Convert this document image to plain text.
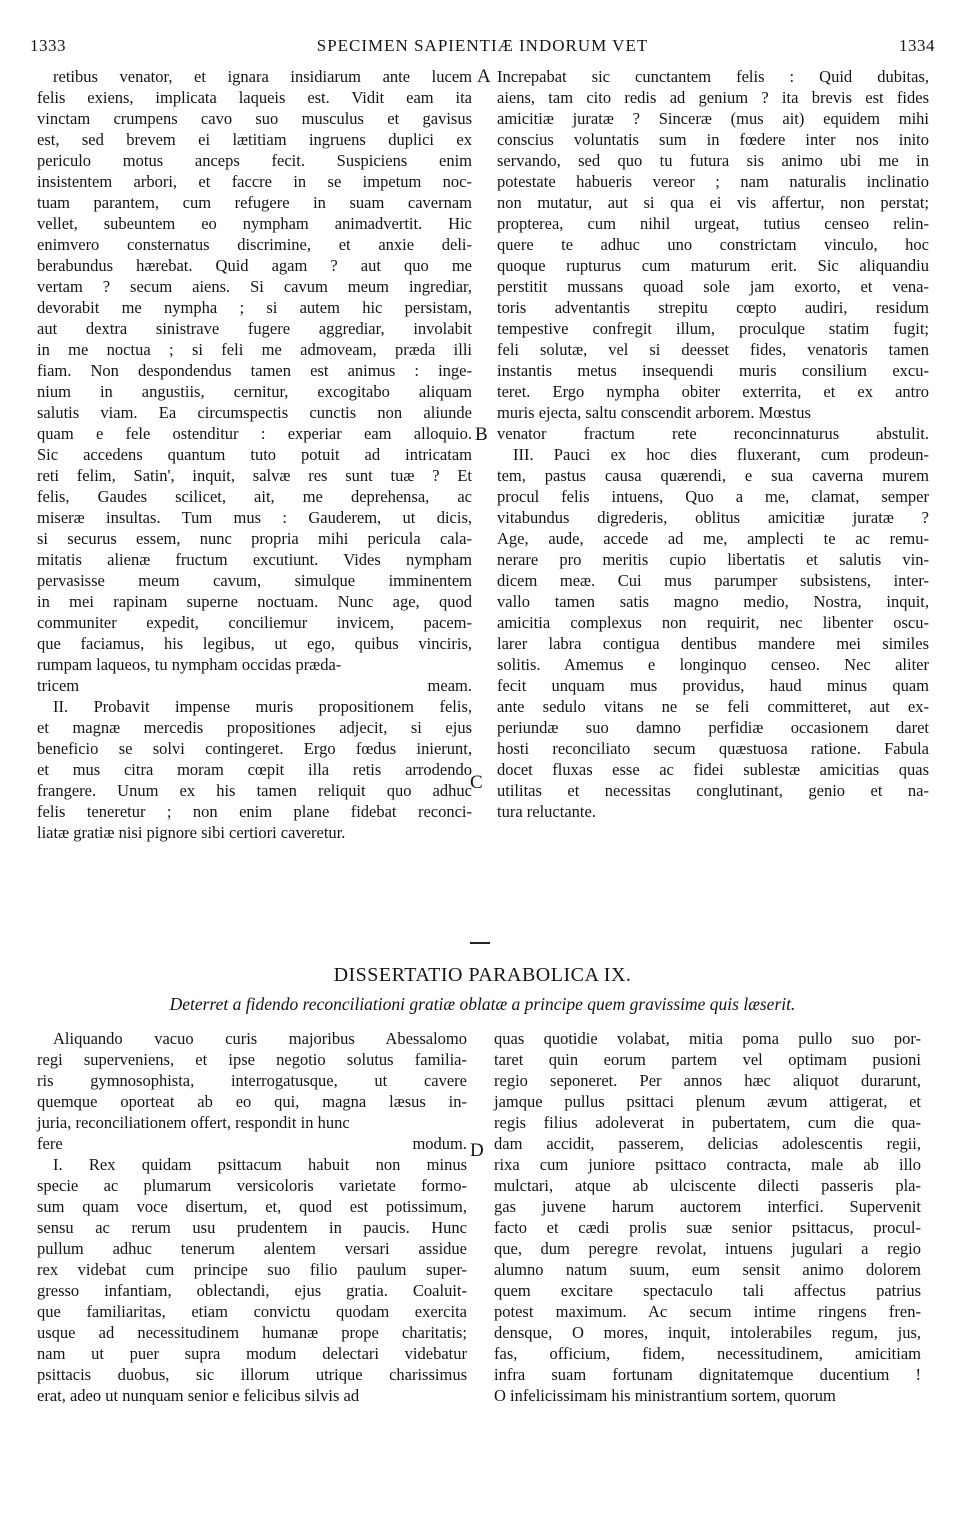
1333	SPECIMEN SAPIENTIÆ INDORUM VET	1334
retibus venator, et ignara insidiarum ante lucem
felis exiens, implicata laqueis est. Vidit eam ita
vinctam crumpens cavo suo musculus et gavisus
est, sed brevem ei lætitiam ingruens duplici ex
periculo motus anceps fecit. Suspiciens enim
insistentem arbori, et faccre in se impetum noc-
tuam parantem, cum refugere in suam cavernam
vellet, subeuntem eo nympham animadvertit. Hic
enimvero consternatus discrimine, et anxie deli-
berabundus hærebat. Quid agam ? aut quo me
vertam ? secum aiens. Si cavum meum ingrediar,
devorabit me nympha ; si autem hic persistam,
aut dextra sinistrave fugere aggrediar, involabit
in me noctua ; si feli me admoveam, præda illi
fiam. Non despondendus tamen est animus : inge-
nium in angustiis, cernitur, excogitabo aliquam
salutis viam. Ea circumspectis cunctis non aliunde
quam e fele ostenditur : experiar eam alloquio.
Sic accedens quantum tuto potuit ad intricatam
reti felim, Satin', inquit, salvæ res sunt tuæ ? Et
felis, Gaudes scilicet, ait, me deprehensa, ac
miseræ insultas. Tum mus : Gauderem, ut dicis,
si securus essem, nunc propria mihi pericula cala-
mitatis alienæ fructum excutiunt. Vides nympham
pervasisse meum cavum, simulque imminentem
in mei rapinam superne noctuam. Nunc age, quod
communiter expedit, conciliemur invicem, pacem-
que faciamus, his legibus, ut ego, quibus vinciris,
rumpam laqueos, tu nympham occidas præda-
tricem meam.
II. Probavit impense muris propositionem felis,
et magnæ mercedis propositiones adjecit, si ejus
beneficio se solvi contingeret. Ergo fœdus inierunt,
et mus citra moram cœpit illa retis arrodendo
frangere. Unum ex his tamen reliquit quo adhuc
felis teneretur ; non enim plane fidebat reconci-
liatæ gratiæ nisi pignore sibi certiori caveretur.
Increpabat sic cunctantem felis : Quid dubitas,
aiens, tam cito redis ad genium ? ita brevis est fides
amicitiæ juratæ ? Sinceræ (mus ait) equidem mihi
conscius voluntatis sum in fœdere inter nos inito
servando, sed quo tu futura sis animo ubi me in
potestate habueris vereor ; nam naturalis inclinatio
non mutatur, aut si qua ei vis affertur, non perstat;
propterea, cum nihil urgeat, tutius censeo relin-
quere te adhuc uno constrictam vinculo, hoc
quoque rupturus cum maturum erit. Sic aliquandiu
perstitit mussans quoad sole jam exorto, et vena-
toris adventantis strepitu cœpto audiri, residum
tempestive confregit illum, proculque statim fugit;
feli solutæ, vel si deesset fides, venatoris tamen
instantis metus insequendi muris consilium excu-
teret. Ergo nympha obiter exterrita, et ex antro
muris ejecta, saltu conscendit arborem. Mœstus
venator fractum rete reconcinnaturus abstulit.
III. Pauci ex hoc dies fluxerant, cum prodeun-
tem, pastus causa quærendi, e sua caverna murem
procul felis intuens, Quo a me, clamat, semper
vitabundus digrederis, oblitus amicitiæ juratæ ?
Age, aude, accede ad me, amplecti te ac remu-
nerare pro meritis cupio libertatis et salutis vin-
dicem meæ. Cui mus parumper subsistens, inter-
vallo tamen satis magno medio, Nostra, inquit,
amicitia complexus non requirit, nec libenter oscu-
larer labra contigua dentibus mandere mei similes
solitis. Amemus e longinquo censeo. Nec aliter
fecit unquam mus providus, haud minus quam
ante sedulo vitans ne se feli committeret, aut ex-
periundæ suo damno perfidiæ occasionem daret
hosti reconciliato secum quæstuosa ratione. Fabula
docet fluxas esse ac fidei sublestæ amicitias quas
utilitas et necessitas conglutinant, genio et na-
tura reluctante.
A
B
C
D
DISSERTATIO PARABOLICA IX.
Deterret a fidendo reconciliationi gratiæ oblatæ a principe quem gravissime quis læserit.
Aliquando vacuo curis majoribus Abessalomo
regi superveniens, et ipse negotio solutus familia-
ris gymnosophista, interrogatusque, ut cavere
quemque oporteat ab eo qui, magna læsus in-
juria, reconciliationem offert, respondit in hunc
fere modum.
I. Rex quidam psittacum habuit non minus
specie ac plumarum versicoloris varietate formo-
sum quam voce disertum, et, quod est potissimum,
sensu ac rerum usu prudentem in paucis. Hunc
pullum adhuc tenerum alentem versari assidue
rex videbat cum principe suo filio paulum super-
gresso infantiam, oblectandi, ejus gratia. Coaluit-
que familiaritas, etiam convictu quodam exercita
usque ad necessitudinem humanæ prope charitatis;
nam ut puer supra modum delectari videbatur
psittacis duobus, sic illorum utrique charissimus
erat, adeo ut nunquam senior e felicibus silvis ad
quas quotidie volabat, mitia poma pullo suo por-
taret quin eorum partem vel optimam pusioni
regio seponeret. Per annos hæc aliquot durarunt,
jamque pullus psittaci plenum ævum attigerat, et
regis filius adoleverat in pubertatem, cum die qua-
dam accidit, passerem, delicias adolescentis regii,
rixa cum juniore psittaco contracta, male ab illo
mulctari, atque ab ulciscente dilecti passeris pla-
gas juvene harum auctorem interfici. Supervenit
facto et cædi prolis suæ senior psittacus, procul-
que, dum peregre revolat, intuens jugulari a regio
alumno natum suum, eum sensit animo dolorem
quem excitare spectaculo tali affectus patrius
potest maximum. Ac secum intime ringens fren-
densque, O mores, inquit, intolerabiles regum, jus,
fas, officium, fidem, necessitudinem, amicitiam
infra suam fortunam dignitatemque ducentium !
O infelicissimam his ministrantium sortem, quorum
